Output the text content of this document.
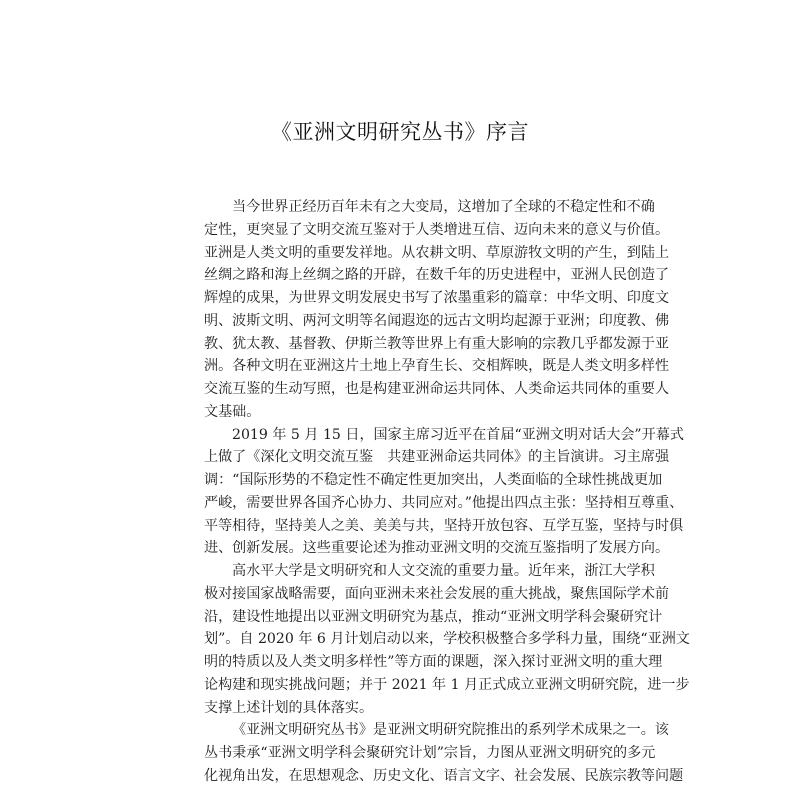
《亚洲文明研究丛书》序言
当今世界正经历百年未有之大变局，这增加了全球的不稳定性和不确
定性，更突显了文明交流互鉴对于人类增进互信、迈向未来的意义与价值。
亚洲是人类文明的重要发祥地。从农耕文明、草原游牧文明的产生，到陆上
丝绸之路和海上丝绸之路的开辟，在数千年的历史进程中，亚洲人民创造了
辉煌的成果，为世界文明发展史书写了浓墨重彩的篇章：中华文明、印度文
明、波斯文明、两河文明等名闻遐迩的远古文明均起源于亚洲；印度教、佛
教、犹太教、基督教、伊斯兰教等世界上有重大影响的宗教几乎都发源于亚
洲。各种文明在亚洲这片土地上孕育生长、交相辉映，既是人类文明多样性
交流互鉴的生动写照，也是构建亚洲命运共同体、人类命运共同体的重要人
文基础。
2019 年 5 月 15 日，国家主席习近平在首届“亚洲文明对话大会”开幕式
上做了《深化文明交流互鉴　共建亚洲命运共同体》的主旨演讲。习主席强
调：“国际形势的不稳定性不确定性更加突出，人类面临的全球性挑战更加
严峻，需要世界各国齐心协力、共同应对。”他提出四点主张：坚持相互尊重、
平等相待，坚持美人之美、美美与共，坚持开放包容、互学互鉴，坚持与时俱
进、创新发展。这些重要论述为推动亚洲文明的交流互鉴指明了发展方向。
高水平大学是文明研究和人文交流的重要力量。近年来，浙江大学积
极对接国家战略需要，面向亚洲未来社会发展的重大挑战，聚焦国际学术前
沿，建设性地提出以亚洲文明研究为基点，推动“亚洲文明学科会聚研究计
划”。自 2020 年 6 月计划启动以来，学校积极整合多学科力量，围绕“亚洲文
明的特质以及人类文明多样性”等方面的课题，深入探讨亚洲文明的重大理
论构建和现实挑战问题；并于 2021 年 1 月正式成立亚洲文明研究院，进一步
支撑上述计划的具体落实。
《亚洲文明研究丛书》是亚洲文明研究院推出的系列学术成果之一。该
丛书秉承“亚洲文明学科会聚研究计划”宗旨，力图从亚洲文明研究的多元
化视角出发，在思想观念、历史文化、语言文字、社会发展、民族宗教等问题
